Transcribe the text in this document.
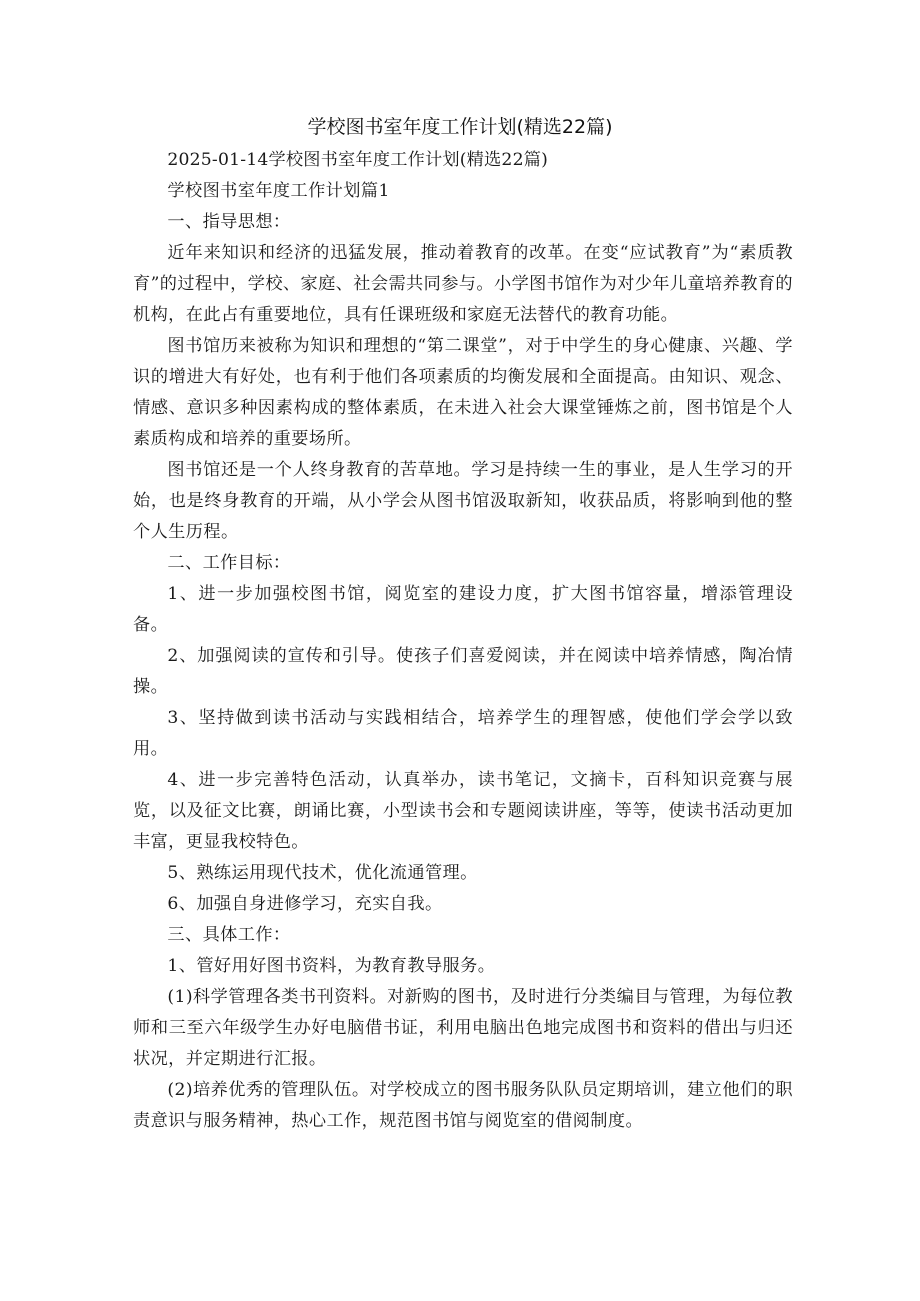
学校图书室年度工作计划(精选22篇)

2025-01-14学校图书室年度工作计划(精选22篇)

学校图书室年度工作计划篇1

一、指导思想：

近年来知识和经济的迅猛发展，推动着教育的改革。在变“应试教育”为“素质教育”的过程中，学校、家庭、社会需共同参与。小学图书馆作为对少年儿童培养教育的机构，在此占有重要地位，具有任课班级和家庭无法替代的教育功能。

图书馆历来被称为知识和理想的“第二课堂”，对于中学生的身心健康、兴趣、学识的增进大有好处，也有利于他们各项素质的均衡发展和全面提高。由知识、观念、情感、意识多种因素构成的整体素质，在未进入社会大课堂锤炼之前，图书馆是个人素质构成和培养的重要场所。

图书馆还是一个人终身教育的苦草地。学习是持续一生的事业，是人生学习的开始，也是终身教育的开端，从小学会从图书馆汲取新知，收获品质，将影响到他的整个人生历程。

二、工作目标：

1、进一步加强校图书馆，阅览室的建设力度，扩大图书馆容量，增添管理设备。

2、加强阅读的宣传和引导。使孩子们喜爱阅读，并在阅读中培养情感，陶冶情操。

3、坚持做到读书活动与实践相结合，培养学生的理智感，使他们学会学以致用。

4、进一步完善特色活动，认真举办，读书笔记，文摘卡，百科知识竞赛与展览，以及征文比赛，朗诵比赛，小型读书会和专题阅读讲座，等等，使读书活动更加丰富，更显我校特色。

5、熟练运用现代技术，优化流通管理。

6、加强自身进修学习，充实自我。

三、具体工作：

1、管好用好图书资料，为教育教导服务。

(1)科学管理各类书刊资料。对新购的图书，及时进行分类编目与管理，为每位教师和三至六年级学生办好电脑借书证，利用电脑出色地完成图书和资料的借出与归还状况，并定期进行汇报。

(2)培养优秀的管理队伍。对学校成立的图书服务队队员定期培训，建立他们的职责意识与服务精神，热心工作，规范图书馆与阅览室的借阅制度。
